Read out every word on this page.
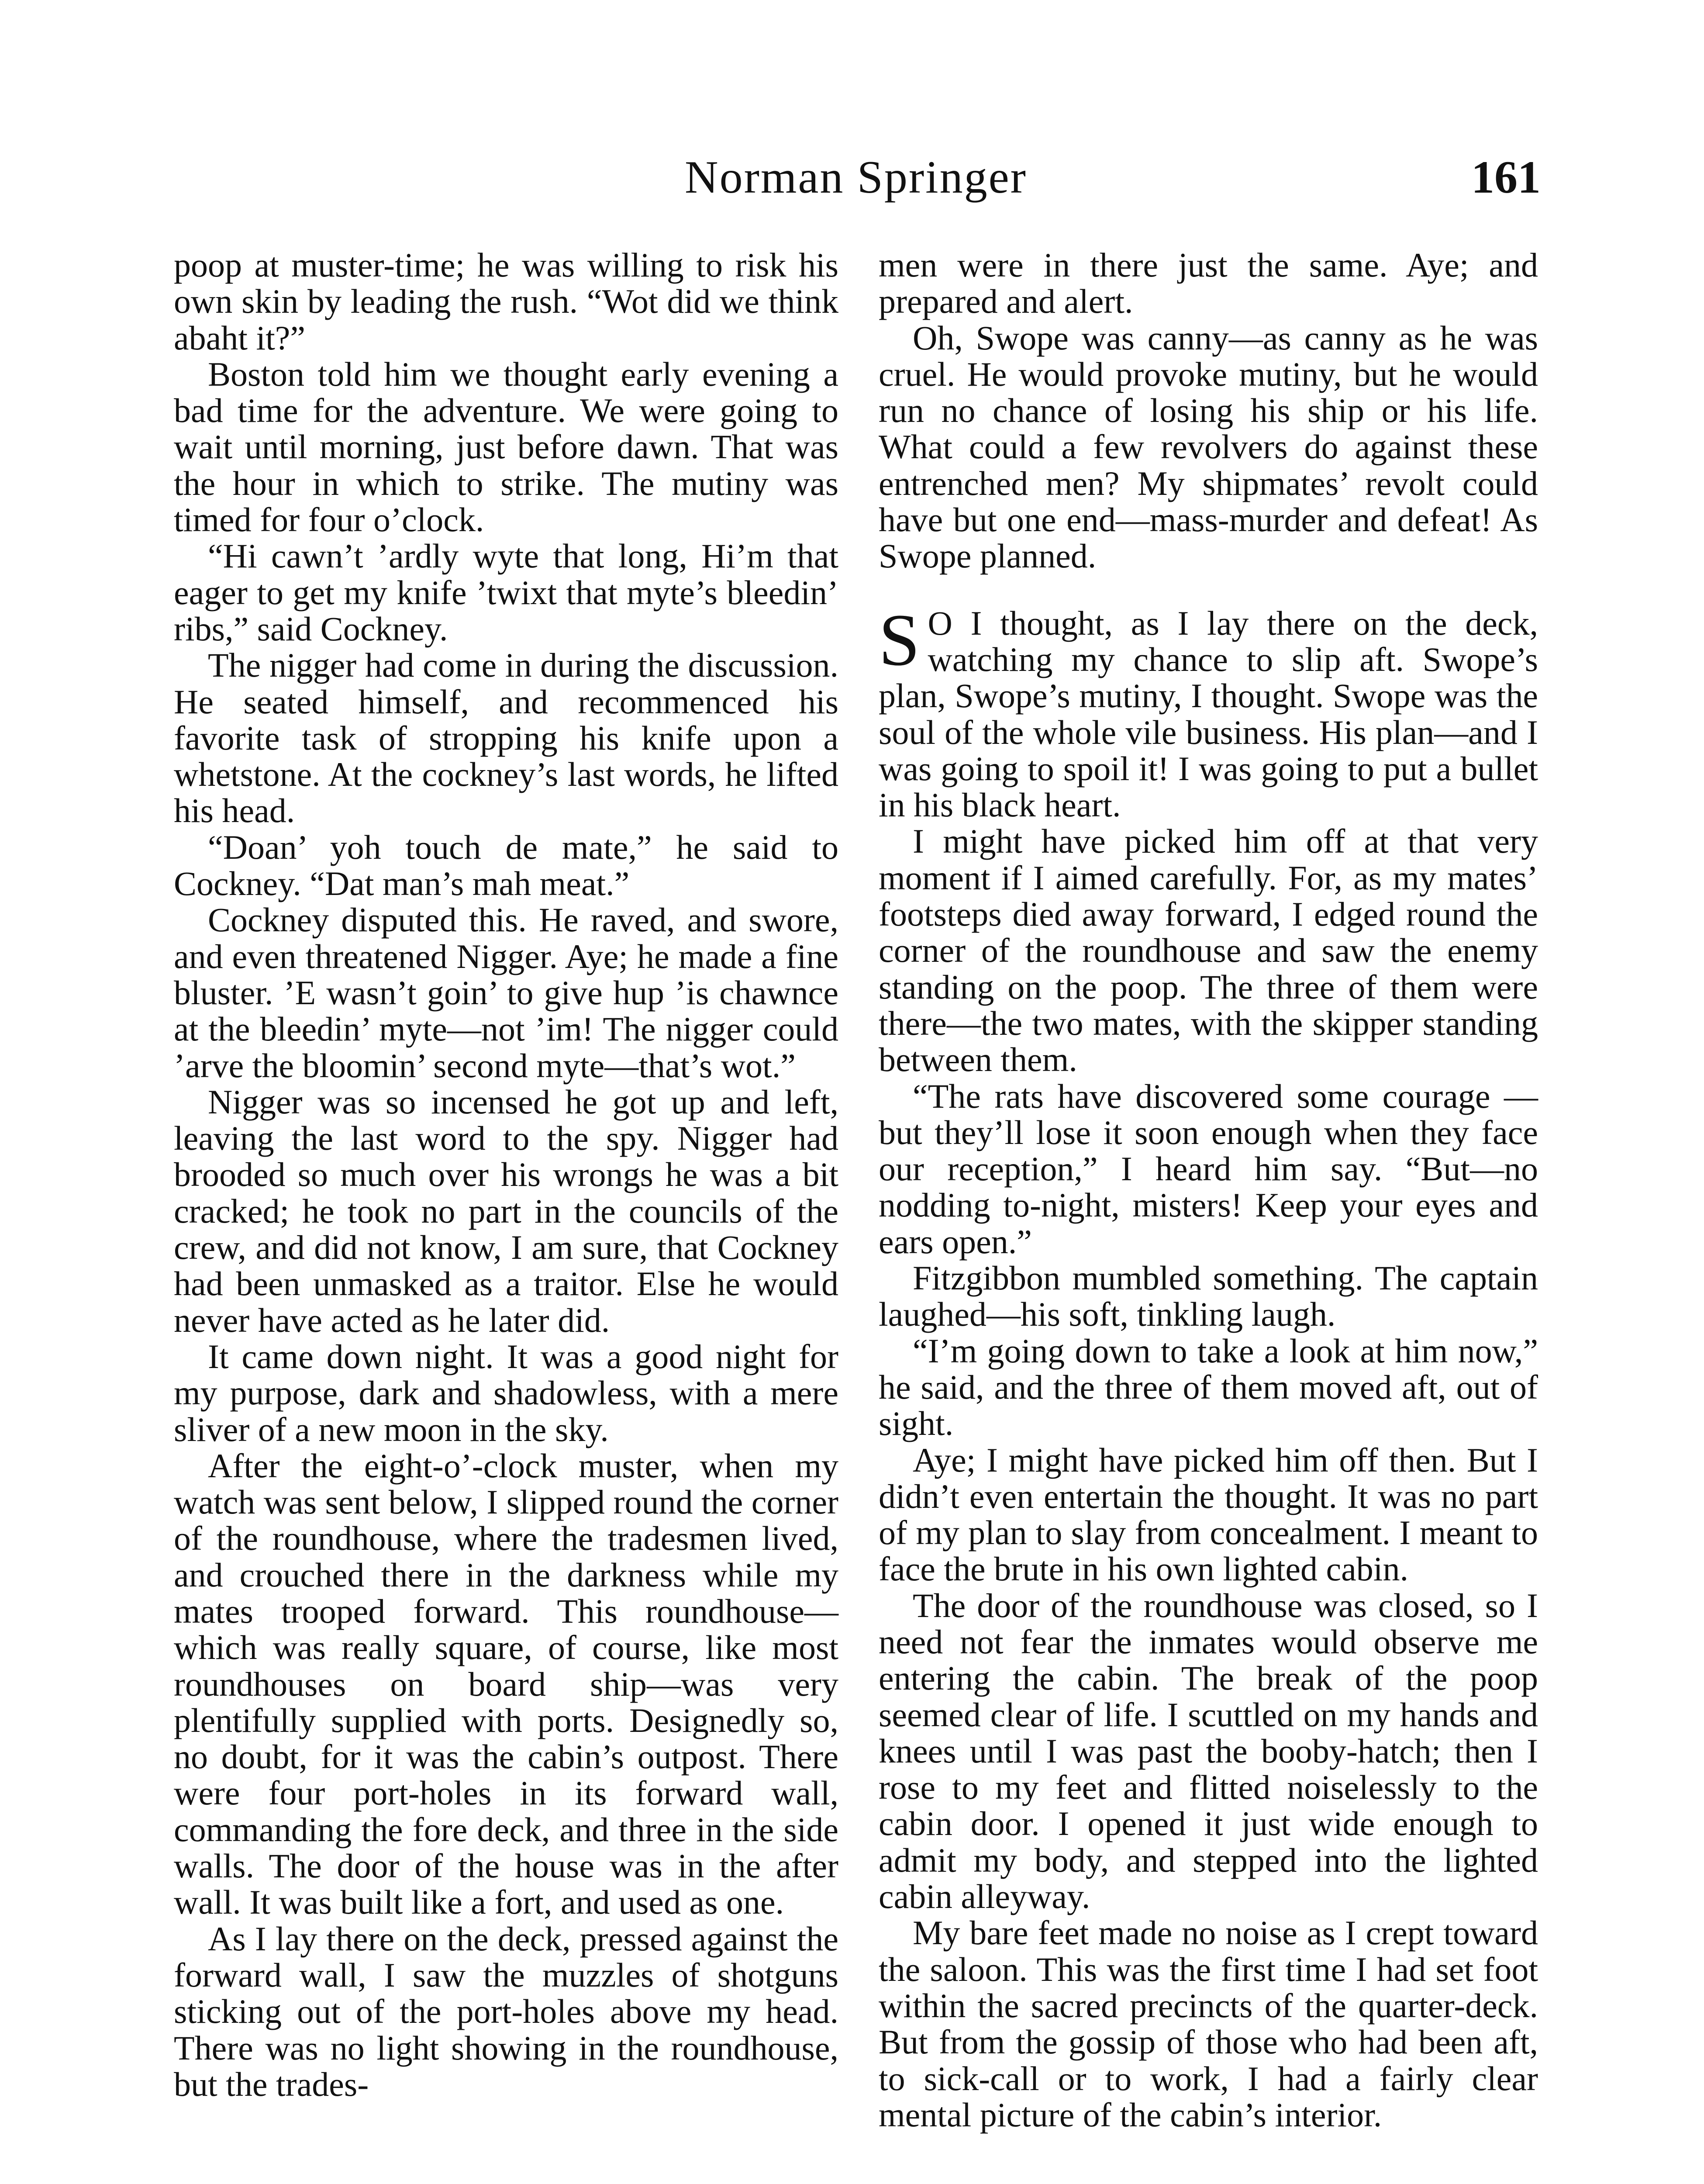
Norman Springer	161

poop at muster-time; he was willing to risk his own skin by leading the rush. “Wot did we think abaht it?”

Boston told him we thought early evening a bad time for the adventure. We were going to wait until morning, just before dawn. That was the hour in which to strike. The mutiny was timed for four o’clock.

“Hi cawn’t ’ardly wyte that long, Hi’m that eager to get my knife ’twixt that myte’s bleedin’ ribs,” said Cockney.

The nigger had come in during the discussion. He seated himself, and recommenced his favorite task of stropping his knife upon a whetstone. At the cockney’s last words, he lifted his head.

“Doan’ yoh touch de mate,” he said to Cockney. “Dat man’s mah meat.”

Cockney disputed this. He raved, and swore, and even threatened Nigger. Aye; he made a fine bluster. ’E wasn’t goin’ to give hup ’is chawnce at the bleedin’ myte—not ’im! The nigger could ’arve the bloomin’ second myte—that’s wot.”

Nigger was so incensed he got up and left, leaving the last word to the spy. Nigger had brooded so much over his wrongs he was a bit cracked; he took no part in the councils of the crew, and did not know, I am sure, that Cockney had been unmasked as a traitor. Else he would never have acted as he later did.

It came down night. It was a good night for my purpose, dark and shadowless, with a mere sliver of a new moon in the sky.

After the eight-o’-clock muster, when my watch was sent below, I slipped round the corner of the roundhouse, where the tradesmen lived, and crouched there in the darkness while my mates trooped forward. This roundhouse—which was really square, of course, like most roundhouses on board ship—was very plentifully supplied with ports. Designedly so, no doubt, for it was the cabin’s outpost. There were four port-holes in its forward wall, commanding the fore deck, and three in the side walls. The door of the house was in the after wall. It was built like a fort, and used as one.

As I lay there on the deck, pressed against the forward wall, I saw the muzzles of shotguns sticking out of the port-holes above my head. There was no light showing in the roundhouse, but the trades-

men were in there just the same. Aye; and prepared and alert.

Oh, Swope was canny—as canny as he was cruel. He would provoke mutiny, but he would run no chance of losing his ship or his life. What could a few revolvers do against these entrenched men? My shipmates’ revolt could have but one end—mass-murder and defeat! As Swope planned.

S O I thought, as I lay there on the deck, watching my chance to slip aft. Swope’s plan, Swope’s mutiny, I thought. Swope was the soul of the whole vile business. His plan—and I was going to spoil it! I was going to put a bullet in his black heart.

I might have picked him off at that very moment if I aimed carefully. For, as my mates’ footsteps died away forward, I edged round the corner of the roundhouse and saw the enemy standing on the poop. The three of them were there—the two mates, with the skipper standing between them.

“The rats have discovered some courage —but they’ll lose it soon enough when they face our reception,” I heard him say. “But—no nodding to-night, misters! Keep your eyes and ears open.”

Fitzgibbon mumbled something. The captain laughed—his soft, tinkling laugh.

“I’m going down to take a look at him now,” he said, and the three of them moved aft, out of sight.

Aye; I might have picked him off then. But I didn’t even entertain the thought. It was no part of my plan to slay from concealment. I meant to face the brute in his own lighted cabin.

The door of the roundhouse was closed, so I need not fear the inmates would observe me entering the cabin. The break of the poop seemed clear of life. I scuttled on my hands and knees until I was past the booby-hatch; then I rose to my feet and flitted noiselessly to the cabin door. I opened it just wide enough to admit my body, and stepped into the lighted cabin alleyway.

My bare feet made no noise as I crept toward the saloon. This was the first time I had set foot within the sacred precincts of the quarter-deck. But from the gossip of those who had been aft, to sick-call or to work, I had a fairly clear mental picture of the cabin’s interior.
